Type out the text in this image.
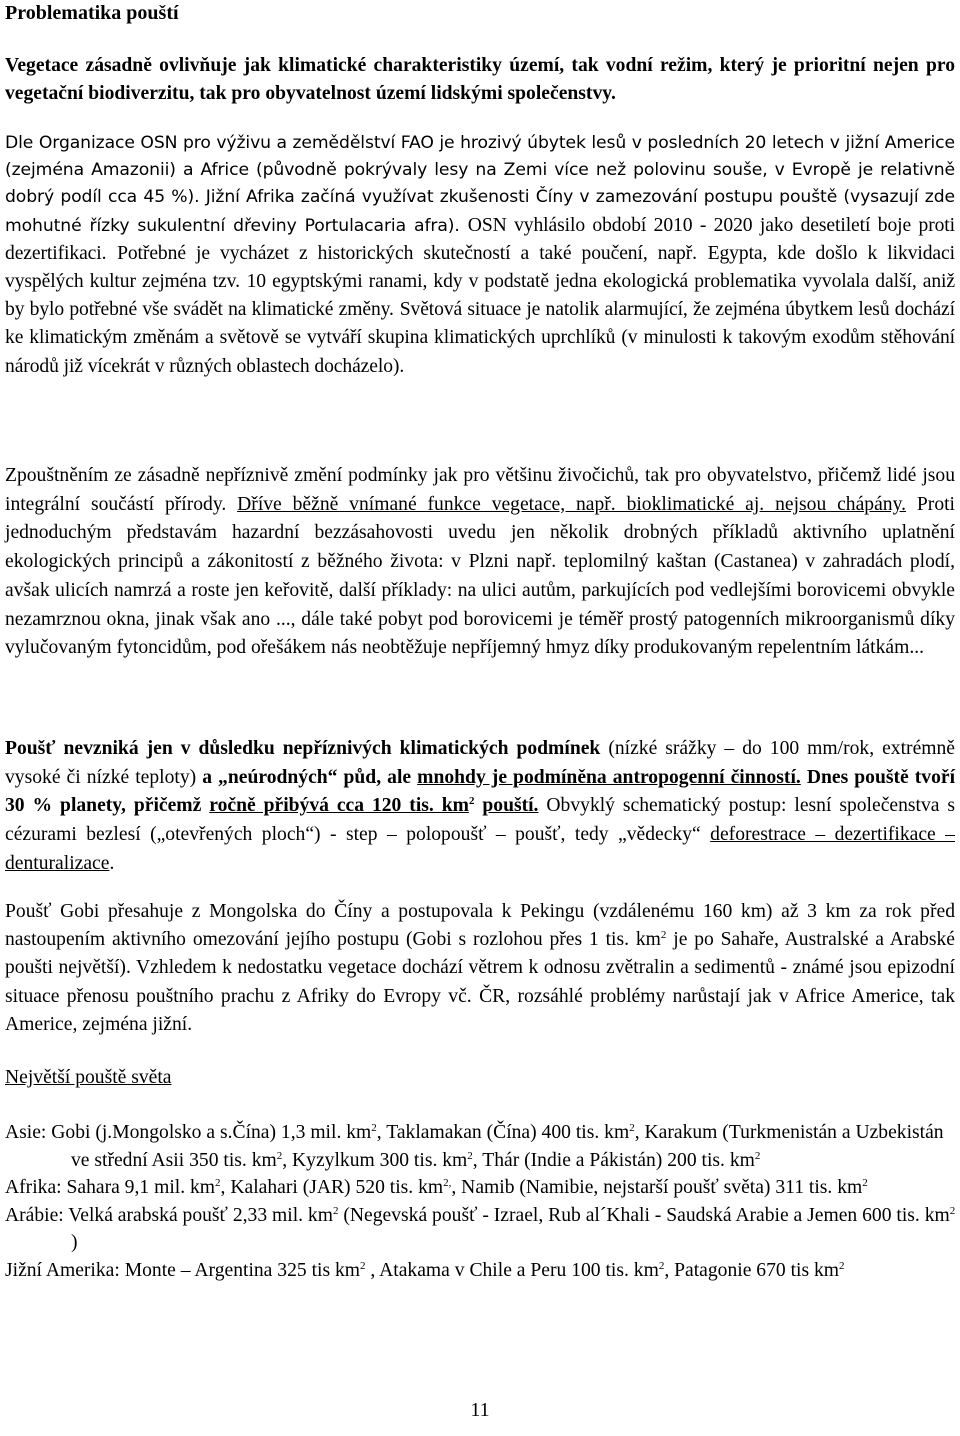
Problematika pouští
Vegetace zásadně ovlivňuje jak klimatické charakteristiky území, tak vodní režim, který je prioritní nejen pro vegetační biodiverzitu, tak pro obyvatelnost území lidskými společenstvy.
Dle Organizace OSN pro výživu a zemědělství FAO je hrozivý úbytek lesů v posledních 20 letech v jižní Americe (zejména Amazonii) a Africe (původně pokrývaly lesy na Zemi více než polovinu souše, v Evropě je relativně dobrý podíl cca 45 %). Jižní Afrika začíná využívat zkušenosti Číny v zamezování postupu pouště (vysazují zde mohutné řízky sukulentní dřeviny Portulacaria afra). OSN vyhlásilo období 2010 - 2020 jako desetiletí boje proti dezertifikaci. Potřebné je vycházet z historických skutečností a také poučení, např. Egypta, kde došlo k likvidaci vyspělých kultur zejména tzv. 10 egyptskými ranami, kdy v podstatě jedna ekologická problematika vyvolala další, aniž by bylo potřebné vše svádět na klimatické změny. Světová situace je natolik alarmující, že zejména úbytkem lesů dochází ke klimatickým změnám a světově se vytváří skupina klimatických uprchlíků (v minulosti k takovým exodům stěhování národů již vícekrát v různých oblastech docházelo).
Zpouštněním ze zásadně nepříznivě změní podmínky jak pro většinu živočichů, tak pro obyvatelstvo, přičemž lidé jsou integrální součástí přírody. Dříve běžně vnímané funkce vegetace, např. bioklimatické aj. nejsou chápány. Proti jednoduchým představám hazardní bezzásahovosti uvedu jen několik drobných příkladů aktivního uplatnění ekologických principů a zákonitostí z běžného života: v Plzni např. teplomilný kaštan (Castanea) v zahradách plodí, avšak ulicích namrzá a roste jen keřovitě, další příklady: na ulici autům, parkujících pod vedlejšími borovicemi obvykle nezamrznou okna, jinak však ano ..., dále také pobyt pod borovicemi je téměř prostý patogenních mikroorganismů díky vylučovaným fytoncidům, pod ořešákem nás neobtěžuje nepříjemný hmyz díky produkovaným repelentním látkám...
Poušť nevzniká jen v důsledku nepříznivých klimatických podmínek (nízké srážky – do 100 mm/rok, extrémně vysoké či nízké teploty) a „neúrodných“ půd, ale mnohdy je podmíněna antropogenní činností. Dnes pouště tvoří 30 % planety, přičemž ročně přibývá cca 120 tis. $km^2$ pouští. Obvyklý schematický postup: lesní společenstva s cézurami bezlesí („otevřených ploch“) - step – polopoušť – poušť, tedy „vědecky“ deforestrace – dezertifikace – denturalizace.
Poušť Gobi přesahuje z Mongolska do Číny a postupovala k Pekingu (vzdálenému 160 km) až 3 km za rok před nastoupením aktivního omezování jejího postupu (Gobi s rozlohou přes 1 tis. $km^2$ je po Sahaře, Australské a Arabské poušti největší). Vzhledem k nedostatku vegetace dochází větrem k odnosu zvětralin a sedimentů - známé jsou epizodní situace přenosu pouštního prachu z Afriky do Evropy vč. ČR, rozsáhlé problémy narůstají jak v Africe Americe, tak Americe, zejména jižní.
Největší pouště světa

Asie: Gobi (j.Mongolsko a s.Čína) 1,3 mil. $km^2$, Taklamakan (Čína) 400 tis. $km^2$, Karakum (Turkmenistán a Uzbekistán ve střední Asii 350 tis. $km^2$, Kyzylkum 300 tis. $km^2$, Thár (Indie a Pákistán) 200 tis. $km^2$

Afrika: Sahara 9,1 mil. $km^2$, Kalahari (JAR) 520 tis. $km^{2,}$, Namib (Namibie, nejstarší poušť světa) 311 tis. $km^2$

Arábie: Velká arabská poušť 2,33 mil. $km^2$ (Negevská poušť - Izrael, Rub al´Khali - Saudská Arabie a Jemen 600 tis. $km^2$ )

Jižní Amerika: Monte – Argentina 325 tis $km^2$ , Atakama v Chile a Peru 100 tis. $km^2$, Patagonie 670 tis $km^2$

11
